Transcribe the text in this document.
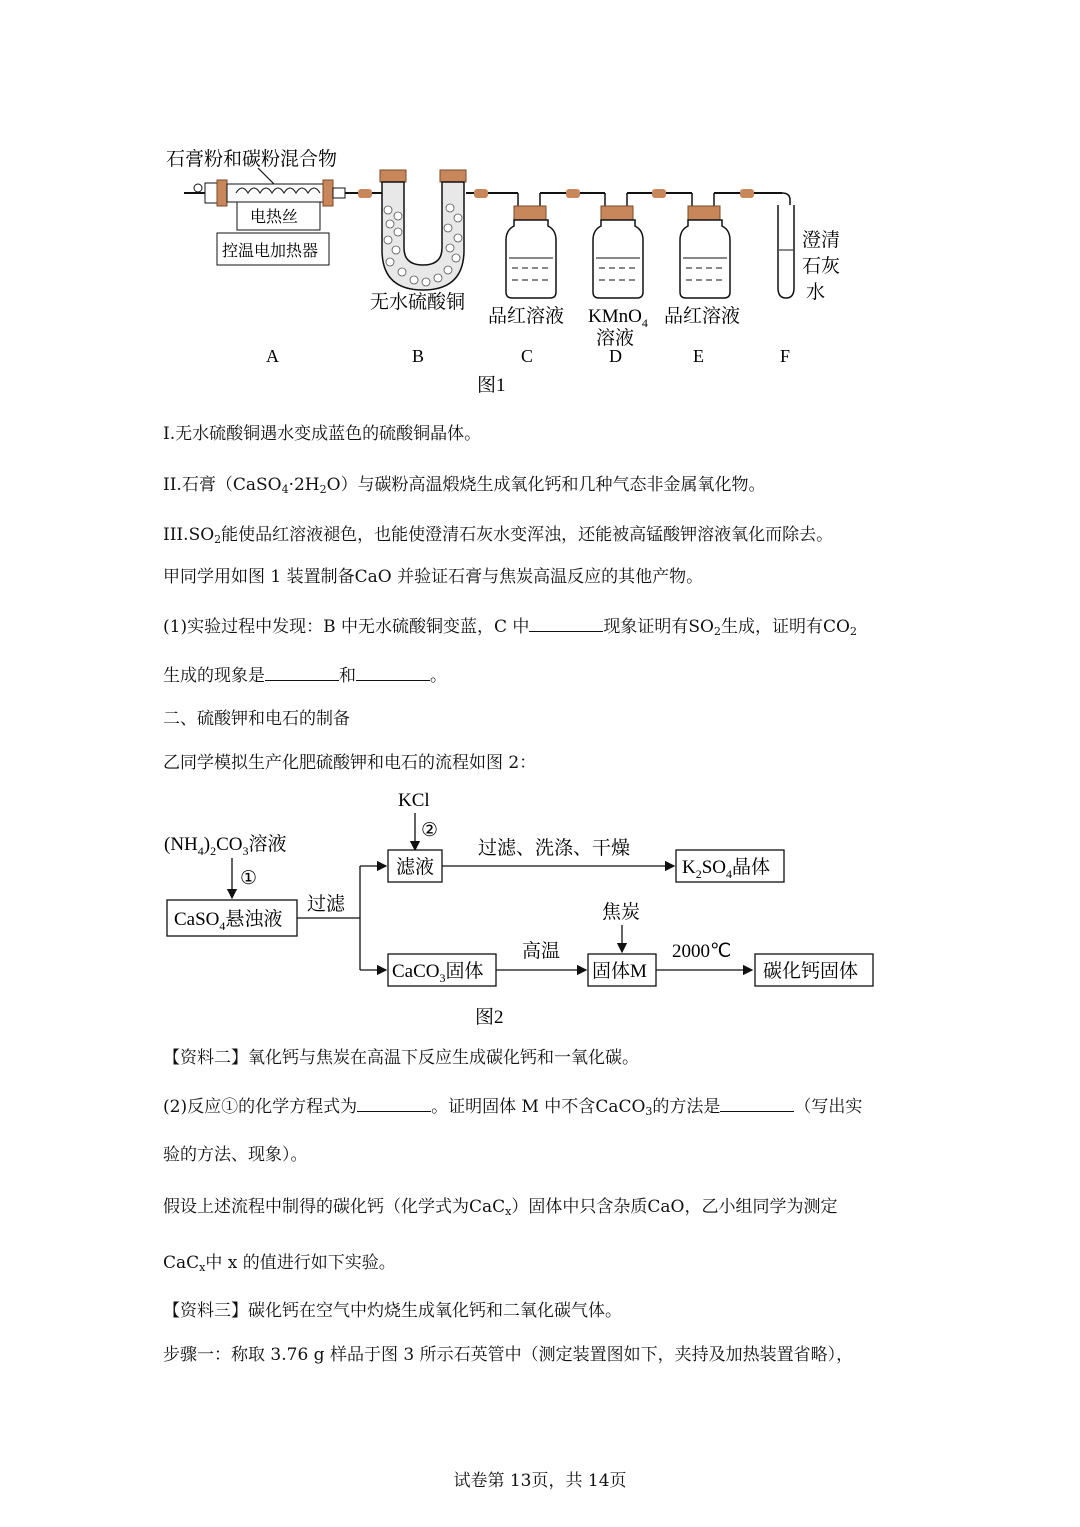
石膏粉和碳粉混合物
电热丝
控温电加热器
无水硫酸铜
澄清
石灰
水
品红溶液 KMnO$_4$
溶液
品红溶液
A	B	C	D	E	F
图1
I.无水硫酸铜遇水变成蓝色的硫酸铜晶体。
II.石膏$(CaSO_4\cdot 2H_2O)$与碳粉高温煅烧生成氧化钙和几种气态非金属氧化物。
$III.SO_2$能使品红溶液褪色，也能使澄清石灰水变浑浊，还能被高锰酸钾溶液氧化而除去。
甲同学用如图 1 装置制备CaO 并验证石膏与焦炭高温反应的其他产物。
(1)实验过程中发现：B 中无水硫酸铜变蓝，C 中	现象证明有$SO_2$生成，证明有$CO_2$
生成的现象是	和	。
二、硫酸钾和电石的制备
乙同学模拟生产化肥硫酸钾和电石的流程如图 2：
KCl
②
$(NH_4)_2CO_3$溶液
①
CaSO$_4$悬浊液
过滤
滤液
过滤、洗涤、干燥
$K_2SO_4$晶体
CaCO$_3$固体
高温
焦炭
固体M
2000℃
碳化钙固体
图2
【资料二】氧化钙与焦炭在高温下反应生成碳化钙和一氧化碳。
(2)反应①的化学方程式为	。证明固体 M 中不含CaCO$_3$的方法是	（写出实
验的方法、现象）。
假设上述流程中制得的碳化钙（化学式为CaC$_x$）固体中只含杂质CaO，乙小组同学为测定
CaC$_x$中 x 的值进行如下实验。
【资料三】碳化钙在空气中灼烧生成氧化钙和二氧化碳气体。
步骤一：称取 3.76 g 样品于图 3 所示石英管中（测定装置图如下，夹持及加热装置省略），
试卷第 13页，共 14页
